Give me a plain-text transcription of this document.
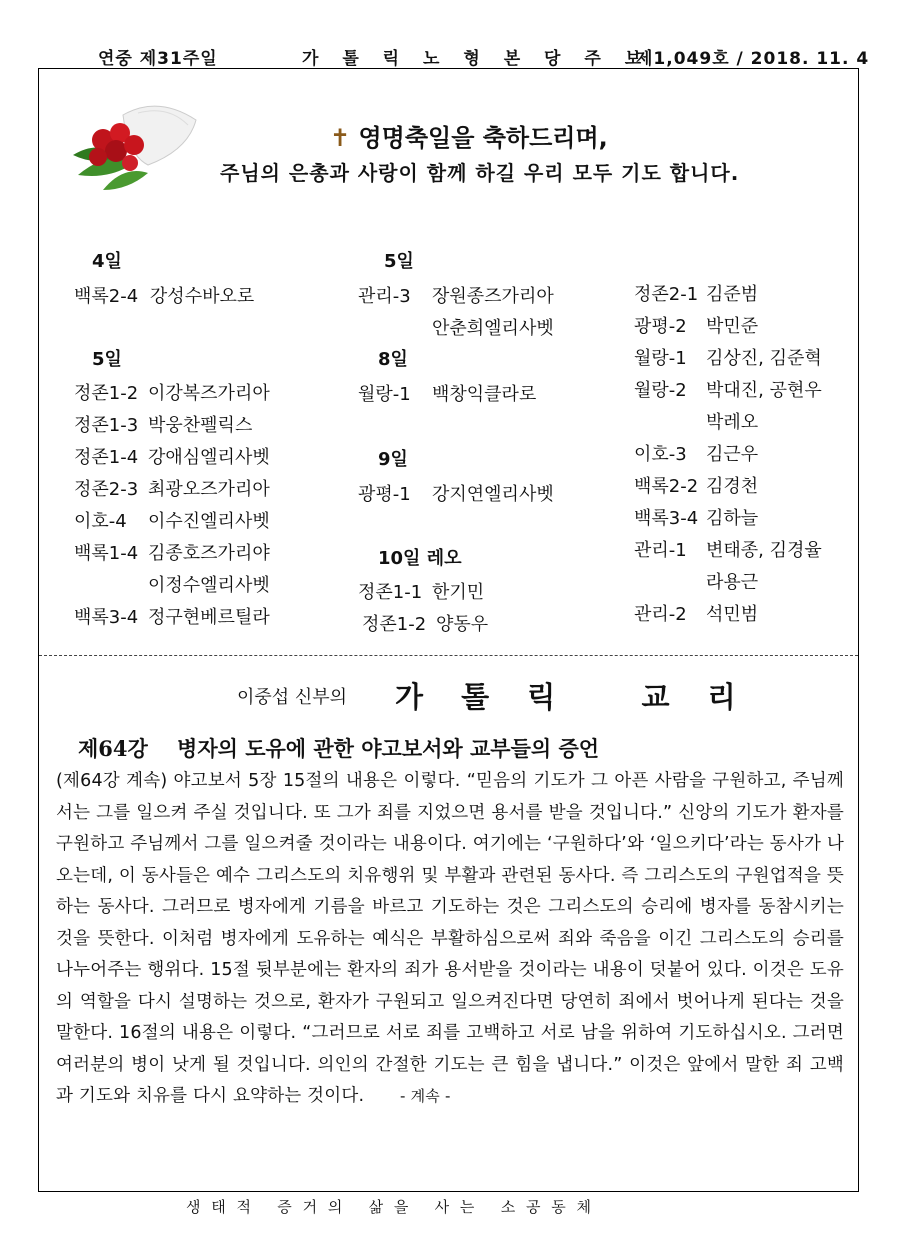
연중 제31주일	가 톨 릭 노 형 본 당 주 보
제1,049호 / 2018. 11. 4
✝ 영명축일을 축하드리며,
주님의 은총과 사랑이 함께 하길 우리 모두 기도 합니다.
4일
백록2-4 강성수바오로
5일
정존1-2 이강복즈가리아
정존1-3 박웅찬펠릭스
정존1-4 강애심엘리사벳
정존2-3 최광오즈가리아
이호-4 이수진엘리사벳
백록1-4 김종호즈가리야
이정수엘리사벳
백록3-4 정구현베르틸라
5일
관리-3 장원종즈가리아
안춘희엘리사벳
8일
월랑-1 백창익클라로
9일
광평-1 강지연엘리사벳
10일 레오
정존1-1 한기민
정존1-2 양동우
정존2-1 김준범
광평-2 박민준
월랑-1 김상진, 김준혁
월랑-2 박대진, 공현우
박레오
이호-3 김근우
백록2-2 김경천
백록3-4 김하늘
관리-1 변태종, 김경율
라용근
관리-2 석민범
이중섭 신부의 가 톨 릭   교 리
제64강    병자의 도유에 관한 야고보서와 교부들의 증언
(제64강 계속) 야고보서 5장 15절의 내용은 이렇다. “믿음의 기도가 그 아픈 사람을 구원하고, 주님께서는 그를 일으켜 주실 것입니다. 또 그가 죄를 지었으면 용서를 받을 것입니다.” 신앙의 기도가 환자를 구원하고 주님께서 그를 일으켜줄 것이라는 내용이다. 여기에는 ‘구원하다’와 ‘일으키다’라는 동사가 나오는데, 이 동사들은 예수 그리스도의 치유행위 및 부활과 관련된 동사다. 즉 그리스도의 구원업적을 뜻하는 동사다. 그러므로 병자에게 기름을 바르고 기도하는 것은 그리스도의 승리에 병자를 동참시키는 것을 뜻한다. 이처럼 병자에게 도유하는 예식은 부활하심으로써 죄와 죽음을 이긴 그리스도의 승리를 나누어주는 행위다. 15절 뒷부분에는 환자의 죄가 용서받을 것이라는 내용이 덧붙어 있다. 이것은 도유의 역할을 다시 설명하는 것으로, 환자가 구원되고 일으켜진다면 당연히 죄에서 벗어나게 된다는 것을 말한다. 16절의 내용은 이렇다. “그러므로 서로 죄를 고백하고 서로 남을 위하여 기도하십시오. 그러면 여러분의 병이 낫게 될 것입니다. 의인의 간절한 기도는 큰 힘을 냅니다.” 이것은 앞에서 말한 죄 고백과 기도와 치유를 다시 요약하는 것이다. - 계속 -
생 태 적   증 거 의   삶 을   사 는   소 공 동 체
